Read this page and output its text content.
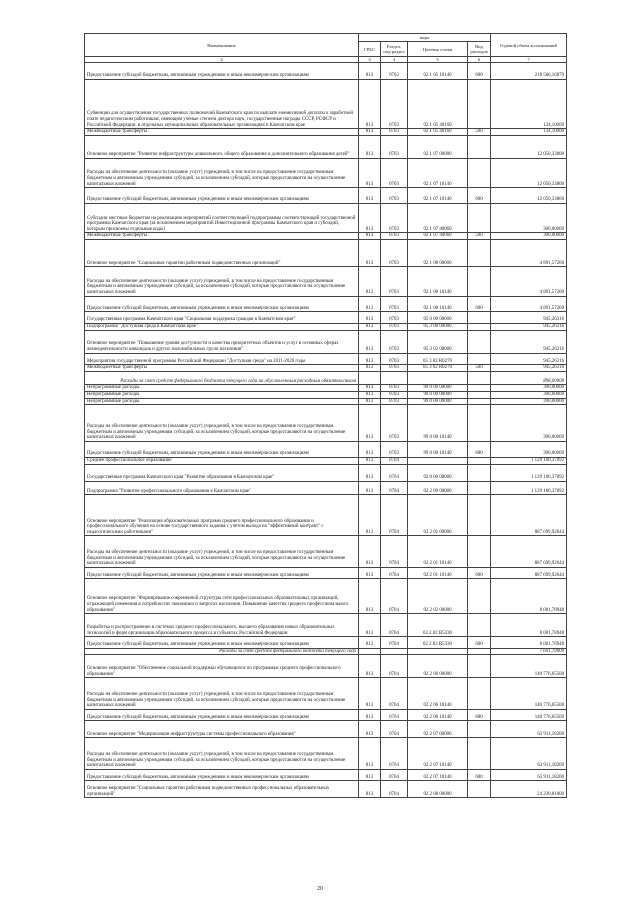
Наименование	коды				Годовой объем ассигнований
	ГРБС	Раздел, под-раздел	Целевая статья	Вид расходов	
2	3	4	5	6	7
Предоставление субсидий бюджетным, автономным учреждениям и иным некоммерческим организациям	813	0703	02 1 05 10140	600	218 566,16879
Субвенции для осуществления государственных полномочий Камчатского края по выплате ежемесячной доплаты к заработной плате педагогическим работникам, имеющим ученые степени доктора наук, государственные награды СССР, РСФСР и Российской Федерации, в отдельных муниципальных образовательных организациях в Камчатском крае	813	0703	02 1 05 40160		134,10000
Межбюджетные трансферты	813	0703	02 1 05 40160	500	134,10000
Основное мероприятие "Развитие инфраструктуры дошкольного, общего образования и дополнительного образования детей"	813	0703	02 1 07 00000		12 050,33800
Расходы на обеспечение деятельности (оказание услуг) учреждений, в том числе на предоставление государственным бюджетным и автономным учреждениям субсидий, за исключением субсидий, которые предоставляются на осуществление капитальных вложений	813	0703	02 1 07 10140		12 050,33800
Предоставление субсидий бюджетным, автономным учреждениям и иным некоммерческим организациям	813	0703	02 1 07 10140	600	12 050,33800
Субсидии местным бюджетам на реализацию мероприятий соответствующей подпрограммы соответствующей государственной программы Камчатского края (за исключением мероприятий Инвестиционной программы Камчатского края и субсидий, которым присвоены отдельные коды)	813	0703	02 1 07 40060		300,00000
Межбюджетные трансферты	813	0703	02 1 07 40060	500	300,00000
Основное мероприятие "Социальные гарантии работникам подведомственных организаций"	813	0703	02 1 08 00000		4 891,57200
Расходы на обеспечение деятельности (оказание услуг) учреждений, в том числе на предоставление государственным бюджетным и автономным учреждениям субсидий, за исключением субсидий, которые предоставляются на осуществление капитальных вложений	813	0703	02 1 08 10140		4 891,57200
Предоставление субсидий бюджетным, автономным учреждениям и иным некоммерческим организациям	813	0703	02 1 08 10140	600	4 891,57200
Государственная программа Камчатского края "Социальная поддержка граждан в Камчатском крае"	813	0703	05 0 00 00000		945,26316
Подпрограмма "Доступная среда в Камчатском крае"	813	0703	05 3 00 00000		945,26316
Основное мероприятие "Повышение уровня доступности и качества приоритетных объектов и услуг в основных сферах жизнедеятельности инвалидов и других маломобильных групп населения"	813	0703	05 3 02 00000		945,26316
Мероприятия государственной программы Российской Федерации "Доступная среда" на 2011-2020 годы	813	0703	05 3 02 R0270		945,26316
Межбюджетные трансферты	813	0703	05 3 02 R0270	500	945,26316
Расходы за счет средств федерального бюджета текущего года по обусловленным расходным обязательствам					898,00000
Непрограммные расходы	813	0703	99 0 00 00000		390,00000
Непрограммные расходы	813	0703	99 0 00 00000		390,00000
Непрограммные расходы	813	0703	99 0 00 00000		390,00000
Расходы на обеспечение деятельности (оказание услуг) учреждений, в том числе на предоставление государственным бюджетным и автономным учреждениям субсидий, за исключением субсидий, которые предоставляются на осуществление капитальных вложений	813	0703	99 0 00 10140		390,00000
Предоставление субсидий бюджетным, автономным учреждениям и иным некоммерческим организациям	813	0703	99 0 00 10140	600	390,00000
Среднее профессиональное образование	813	0704			1 129 100,37092
Государственная программа Камчатского края "Развитие образования в Камчатском крае"	813	0704	02 0 00 00000		1 129 100,37092
Подпрограмма "Развитие профессионального образования в Камчатском крае"	813	0704	02 2 00 00000		1 129 100,37092
Основное мероприятие "Реализация образовательных программ среднего профессионального образования и профессионального обучения на основе государственного задания с учетом выхода на "эффективный контракт" с педагогическими работниками"	813	0704	02 2 01 00000		887 699,92644
Расходы на обеспечение деятельности (оказание услуг) учреждений, в том числе на предоставление государственным бюджетным и автономным учреждениям субсидий, за исключением субсидий, которые предоставляются на осуществление капитальных вложений	813	0704	02 2 01 10140		887 699,92644
Предоставление субсидий бюджетным, автономным учреждениям и иным некоммерческим организациям	813	0704	02 2 01 10140	600	887 699,92644
Основное мероприятие "Формирование современной структуры сети профессиональных образовательных организаций, отражающей изменения в потребностях экономики и запросах населения. Повышение качества среднего профессионального образования"	813	0704	02 2 02 00000		8 001,78948
Разработка и распространение в системах среднего профессионального, высшего образования новых образовательных технологий и форм организации образовательного процесса в субъектах Российской Федерации	813	0704	02 2 02 R5330		8 001,78948
Предоставление субсидий бюджетным, автономным учреждениям и иным некоммерческим организациям	813	0704	02 2 02 R5330	600	8 001,78948
Расходы за счет средств федерального бюджета текущего года					7 601,70000
Основное мероприятие "Обеспечение социальной поддержки обучающихся по программам среднего профессионального образования"	813	0704	02 2 06 00000		140 776,65500
Расходы на обеспечение деятельности (оказание услуг) учреждений, в том числе на предоставление государственным бюджетным и автономным учреждениям субсидий, за исключением субсидий, которые предоставляются на осуществление капитальных вложений	813	0704	02 2 06 10140		140 776,65500
Предоставление субсидий бюджетным, автономным учреждениям и иным некоммерческим организациям	813	0704	02 2 06 10140	600	140 776,65500
Основное мероприятие "Модернизация инфраструктуры системы профессионального образования"	813	0704	02 2 07 00000		63 911,18200
Расходы на обеспечение деятельности (оказание услуг) учреждений, в том числе на предоставление государственным бюджетным и автономным учреждениям субсидий, за исключением субсидий, которые предоставляются на осуществление капитальных вложений	813	0704	02 2 07 10140		63 911,18200
Предоставление субсидий бюджетным, автономным учреждениям и иным некоммерческим организациям	813	0704	02 2 07 10140	600	63 911,18200
Основное мероприятие "Социальные гарантии работникам подведомственных профессиональных образовательных организаций"	813	0704	02 2 08 00000		24 230,81000
20
